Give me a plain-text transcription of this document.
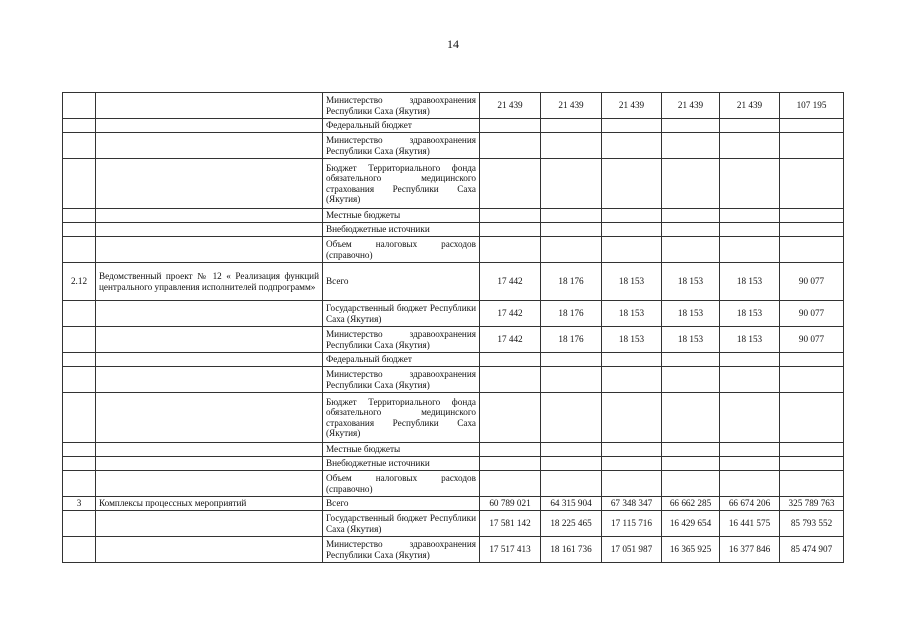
14
		Министерство здравоохранения Республики Саха (Якутия)	21 439	21 439	21 439	21 439	21 439	107 195
		Федеральный бюджет						
		Министерство здравоохранения Республики Саха (Якутия)						
		Бюджет Территориального фонда обязательного медицинского страхования Республики Саха (Якутия)						
		Местные бюджеты						
		Внебюджетные источники						
		Объем налоговых расходов (справочно)						
2.12	Ведомственный проект № 12 « Реализация функций центрального управления исполнителей подпрограмм»	Всего	17 442	18 176	18 153	18 153	18 153	90 077
		Государственный бюджет Республики Саха (Якутия)	17 442	18 176	18 153	18 153	18 153	90 077
		Министерство здравоохранения Республики Саха (Якутия)	17 442	18 176	18 153	18 153	18 153	90 077
		Федеральный бюджет						
		Министерство здравоохранения Республики Саха (Якутия)						
		Бюджет Территориального фонда обязательного медицинского страхования Республики Саха (Якутия)						
		Местные бюджеты						
		Внебюджетные источники						
		Объем налоговых расходов (справочно)						
3	Комплексы процессных мероприятий	Всего	60 789 021	64 315 904	67 348 347	66 662 285	66 674 206	325 789 763
		Государственный бюджет Республики Саха (Якутия)	17 581 142	18 225 465	17 115 716	16 429 654	16 441 575	85 793 552
		Министерство здравоохранения Республики Саха (Якутия)	17 517 413	18 161 736	17 051 987	16 365 925	16 377 846	85 474 907
